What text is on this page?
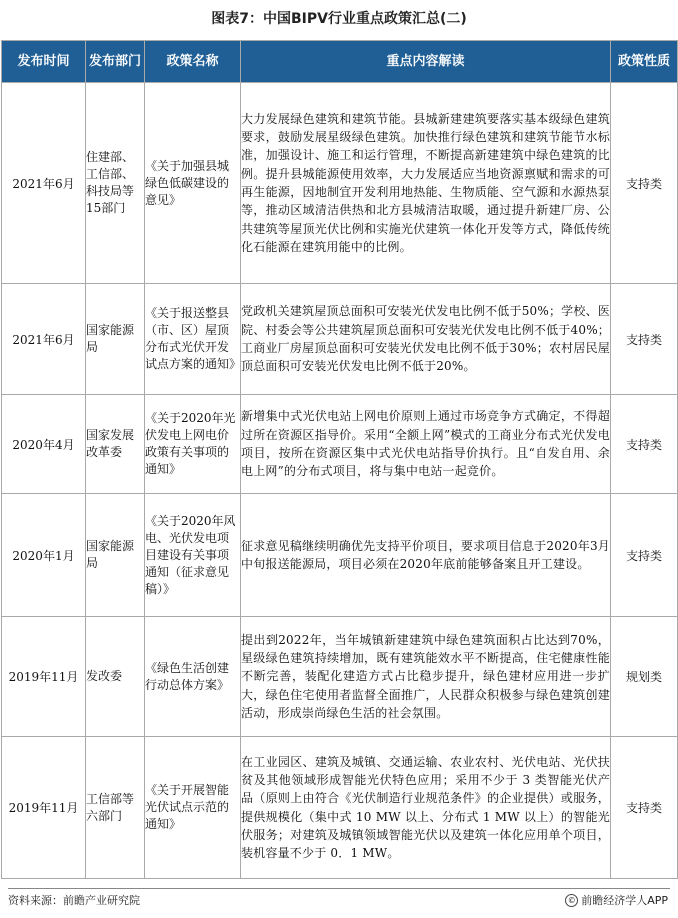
图表7：中国BIPV行业重点政策汇总(二)
发布时间	发布部门	政策名称	重点内容解读	政策性质
2021年6月	住建部、工信部、科技局等15部门	《关于加强县城绿色低碳建设的意见》	大力发展绿色建筑和建筑节能。县城新建建筑要落实基本级绿色建筑要求，鼓励发展星级绿色建筑。加快推行绿色建筑和建筑节能节水标准，加强设计、施工和运行管理，不断提高新建建筑中绿色建筑的比例。提升县城能源使用效率，大力发展适应当地资源禀赋和需求的可再生能源，因地制宜开发利用地热能、生物质能、空气源和水源热泵等，推动区域清洁供热和北方县城清洁取暖，通过提升新建厂房、公共建筑等屋顶光伏比例和实施光伏建筑一体化开发等方式，降低传统化石能源在建筑用能中的比例。	支持类
2021年6月	国家能源局	《关于报送整县（市、区）屋顶分布式光伏开发试点方案的通知》	党政机关建筑屋顶总面积可安装光伏发电比例不低于50%；学校、医院、村委会等公共建筑屋顶总面积可安装光伏发电比例不低于40%；工商业厂房屋顶总面积可安装光伏发电比例不低于30%；农村居民屋顶总面积可安装光伏发电比例不低于20%。	支持类
2020年4月	国家发展改革委	《关于2020年光伏发电上网电价政策有关事项的通知》	新增集中式光伏电站上网电价原则上通过市场竞争方式确定，不得超过所在资源区指导价。采用“全额上网”模式的工商业分布式光伏发电项目，按所在资源区集中式光伏电站指导价执行。且“自发自用、余电上网”的分布式项目，将与集中电站一起竞价。	支持类
2020年1月	国家能源局	《关于2020年风电、光伏发电项目建设有关事项通知（征求意见稿）》	征求意见稿继续明确优先支持平价项目，要求项目信息于2020年3月中旬报送能源局，项目必须在2020年底前能够备案且开工建设。	支持类
2019年11月	发改委	《绿色生活创建行动总体方案》	提出到2022年，当年城镇新建建筑中绿色建筑面积占比达到70%，星级绿色建筑持续增加，既有建筑能效水平不断提高，住宅健康性能不断完善，装配化建造方式占比稳步提升，绿色建材应用进一步扩大，绿色住宅使用者监督全面推广，人民群众积极参与绿色建筑创建活动，形成崇尚绿色生活的社会氛围。	规划类
2019年11月	工信部等六部门	《关于开展智能光伏试点示范的通知》	在工业园区、建筑及城镇、交通运输、农业农村、光伏电站、光伏扶贫及其他领域形成智能光伏特色应用；采用不少于 3 类智能光伏产品（原则上由符合《光伏制造行业规范条件》的企业提供）或服务，提供规模化（集中式 10 MW 以上、分布式 1 MW 以上）的智能光伏服务；对建筑及城镇领域智能光伏以及建筑一体化应用单个项目，装机容量不少于 0．1 MW。	支持类
资料来源：前瞻产业研究院	© 前瞻经济学人APP
